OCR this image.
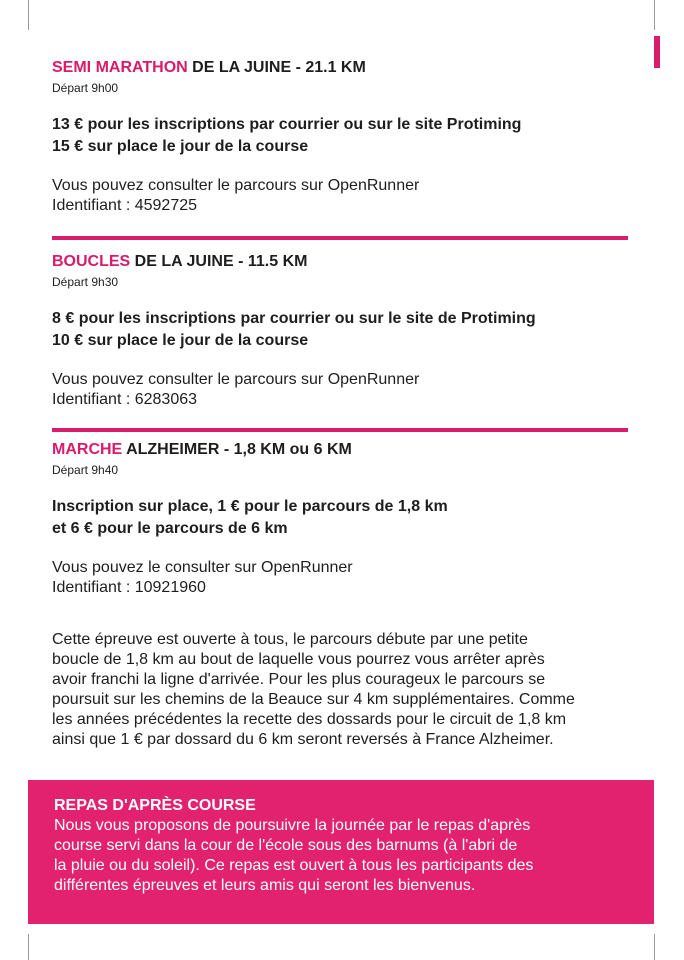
SEMI MARATHON DE LA JUINE - 21.1 KM
Départ 9h00
13 € pour les inscriptions par courrier ou sur le site Protiming
15 € sur place le jour de la course
Vous pouvez consulter le parcours sur OpenRunner
Identifiant : 4592725
BOUCLES DE LA JUINE - 11.5 KM
Départ 9h30
8 € pour les inscriptions par courrier ou sur le site de Protiming
10 € sur place le jour de la course
Vous pouvez consulter le parcours sur OpenRunner
Identifiant : 6283063
MARCHE ALZHEIMER - 1,8 KM ou 6 KM
Départ 9h40
Inscription sur place, 1 € pour le parcours de 1,8 km
et 6 € pour le parcours de 6 km
Vous pouvez le consulter sur OpenRunner
Identifiant : 10921960
Cette épreuve est ouverte à tous, le parcours débute par une petite
boucle de 1,8 km au bout de laquelle vous pourrez vous arrêter après
avoir franchi la ligne d'arrivée. Pour les plus courageux le parcours se
poursuit sur les chemins de la Beauce sur 4 km supplémentaires. Comme
les années précédentes la recette des dossards pour le circuit de 1,8 km
ainsi que 1 € par dossard du 6 km seront reversés à France Alzheimer.
REPAS D'APRÈS COURSE
Nous vous proposons de poursuivre la journée par le repas d'après
course servi dans la cour de l'école sous des barnums (à l'abri de
la pluie ou du soleil). Ce repas est ouvert à tous les participants des
différentes épreuves et leurs amis qui seront les bienvenus.
